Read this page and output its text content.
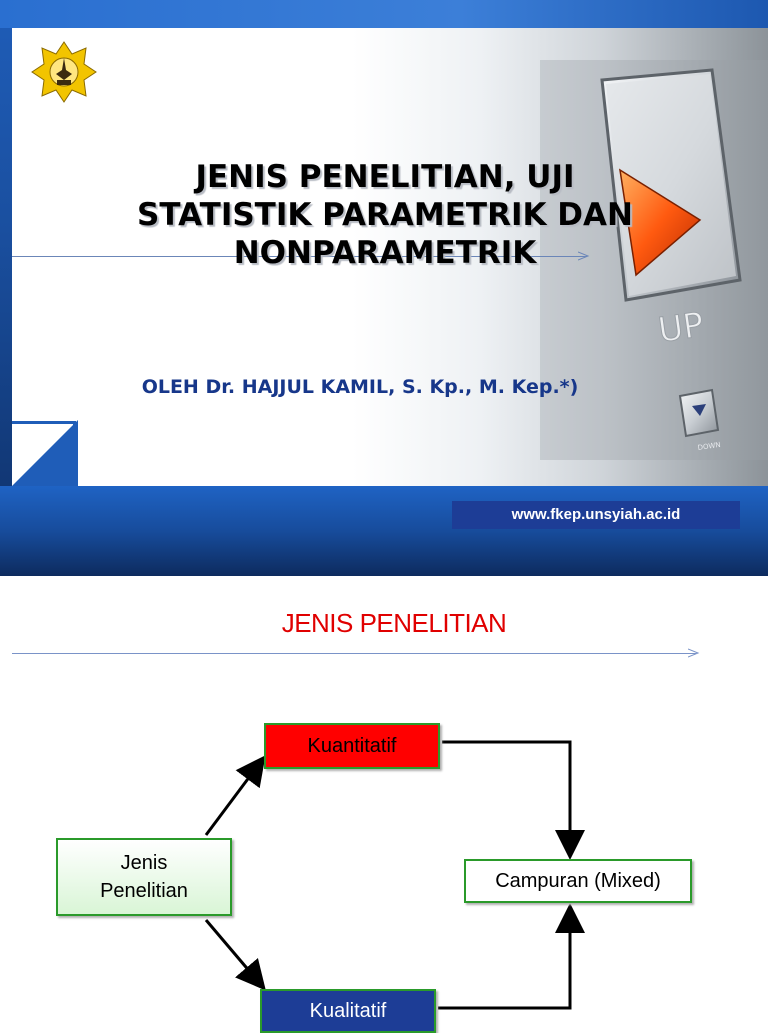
UP
DOWN
JENIS PENELITIAN, UJI
STATISTIK PARAMETRIK DAN
NONPARAMETRIK
OLEH Dr. HAJJUL KAMIL, S. Kp., M. Kep.*)
www.fkep.unsyiah.ac.id
JENIS PENELITIAN
Jenis
Penelitian
Kuantitatif
Campuran (Mixed)
Kualitatif
